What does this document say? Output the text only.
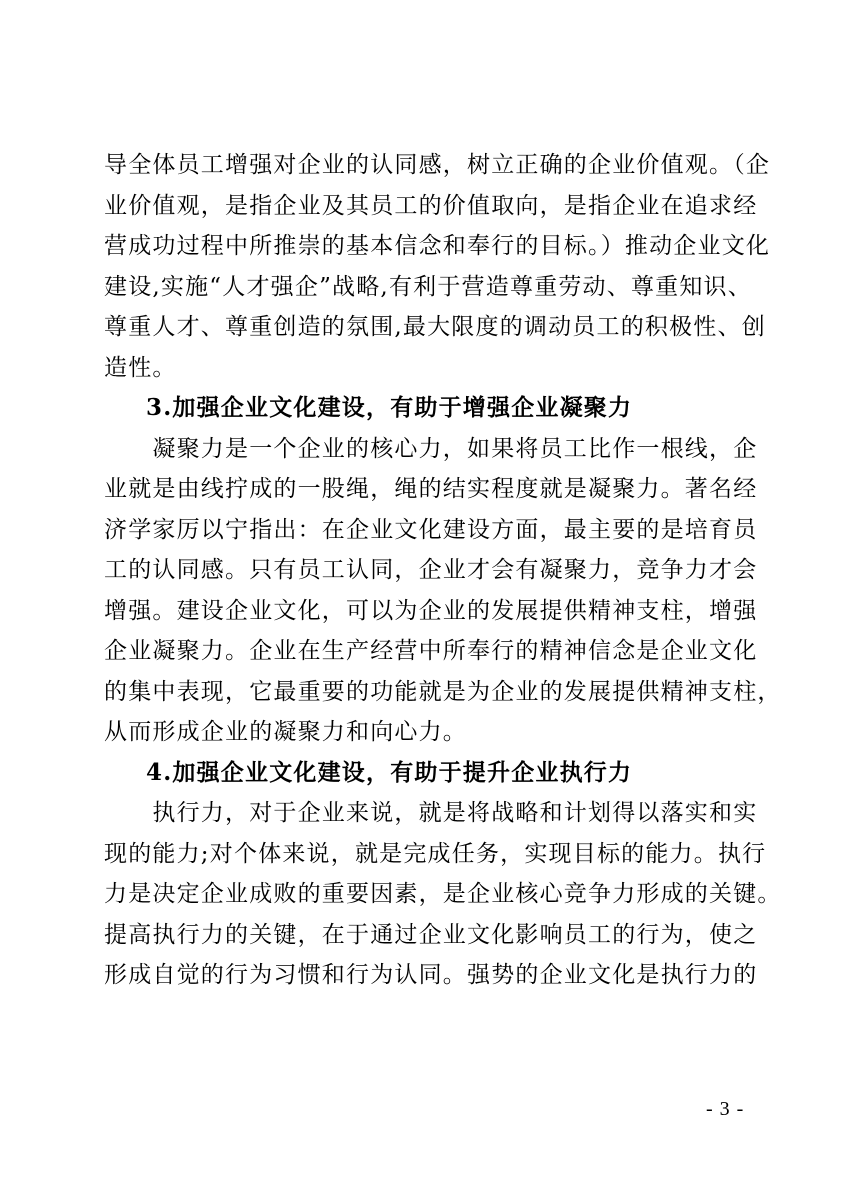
导全体员工增强对企业的认同感，树立正确的企业价值观。（企
业价值观，是指企业及其员工的价值取向，是指企业在追求经
营成功过程中所推崇的基本信念和奉行的目标。）推动企业文化
建设,实施“人才强企”战略,有利于营造尊重劳动、尊重知识、
尊重人才、尊重创造的氛围,最大限度的调动员工的积极性、创
造性。
3.加强企业文化建设，有助于增强企业凝聚力
　　凝聚力是一个企业的核心力，如果将员工比作一根线，企
业就是由线拧成的一股绳，绳的结实程度就是凝聚力。著名经
济学家厉以宁指出：在企业文化建设方面，最主要的是培育员
工的认同感。只有员工认同，企业才会有凝聚力，竞争力才会
增强。建设企业文化，可以为企业的发展提供精神支柱，增强
企业凝聚力。企业在生产经营中所奉行的精神信念是企业文化
的集中表现，它最重要的功能就是为企业的发展提供精神支柱，
从而形成企业的凝聚力和向心力。
4.加强企业文化建设，有助于提升企业执行力
　　执行力，对于企业来说，就是将战略和计划得以落实和实
现的能力;对个体来说，就是完成任务，实现目标的能力。执行
力是决定企业成败的重要因素，是企业核心竞争力形成的关键。
提高执行力的关键，在于通过企业文化影响员工的行为，使之
形成自觉的行为习惯和行为认同。强势的企业文化是执行力的
- 3 -
